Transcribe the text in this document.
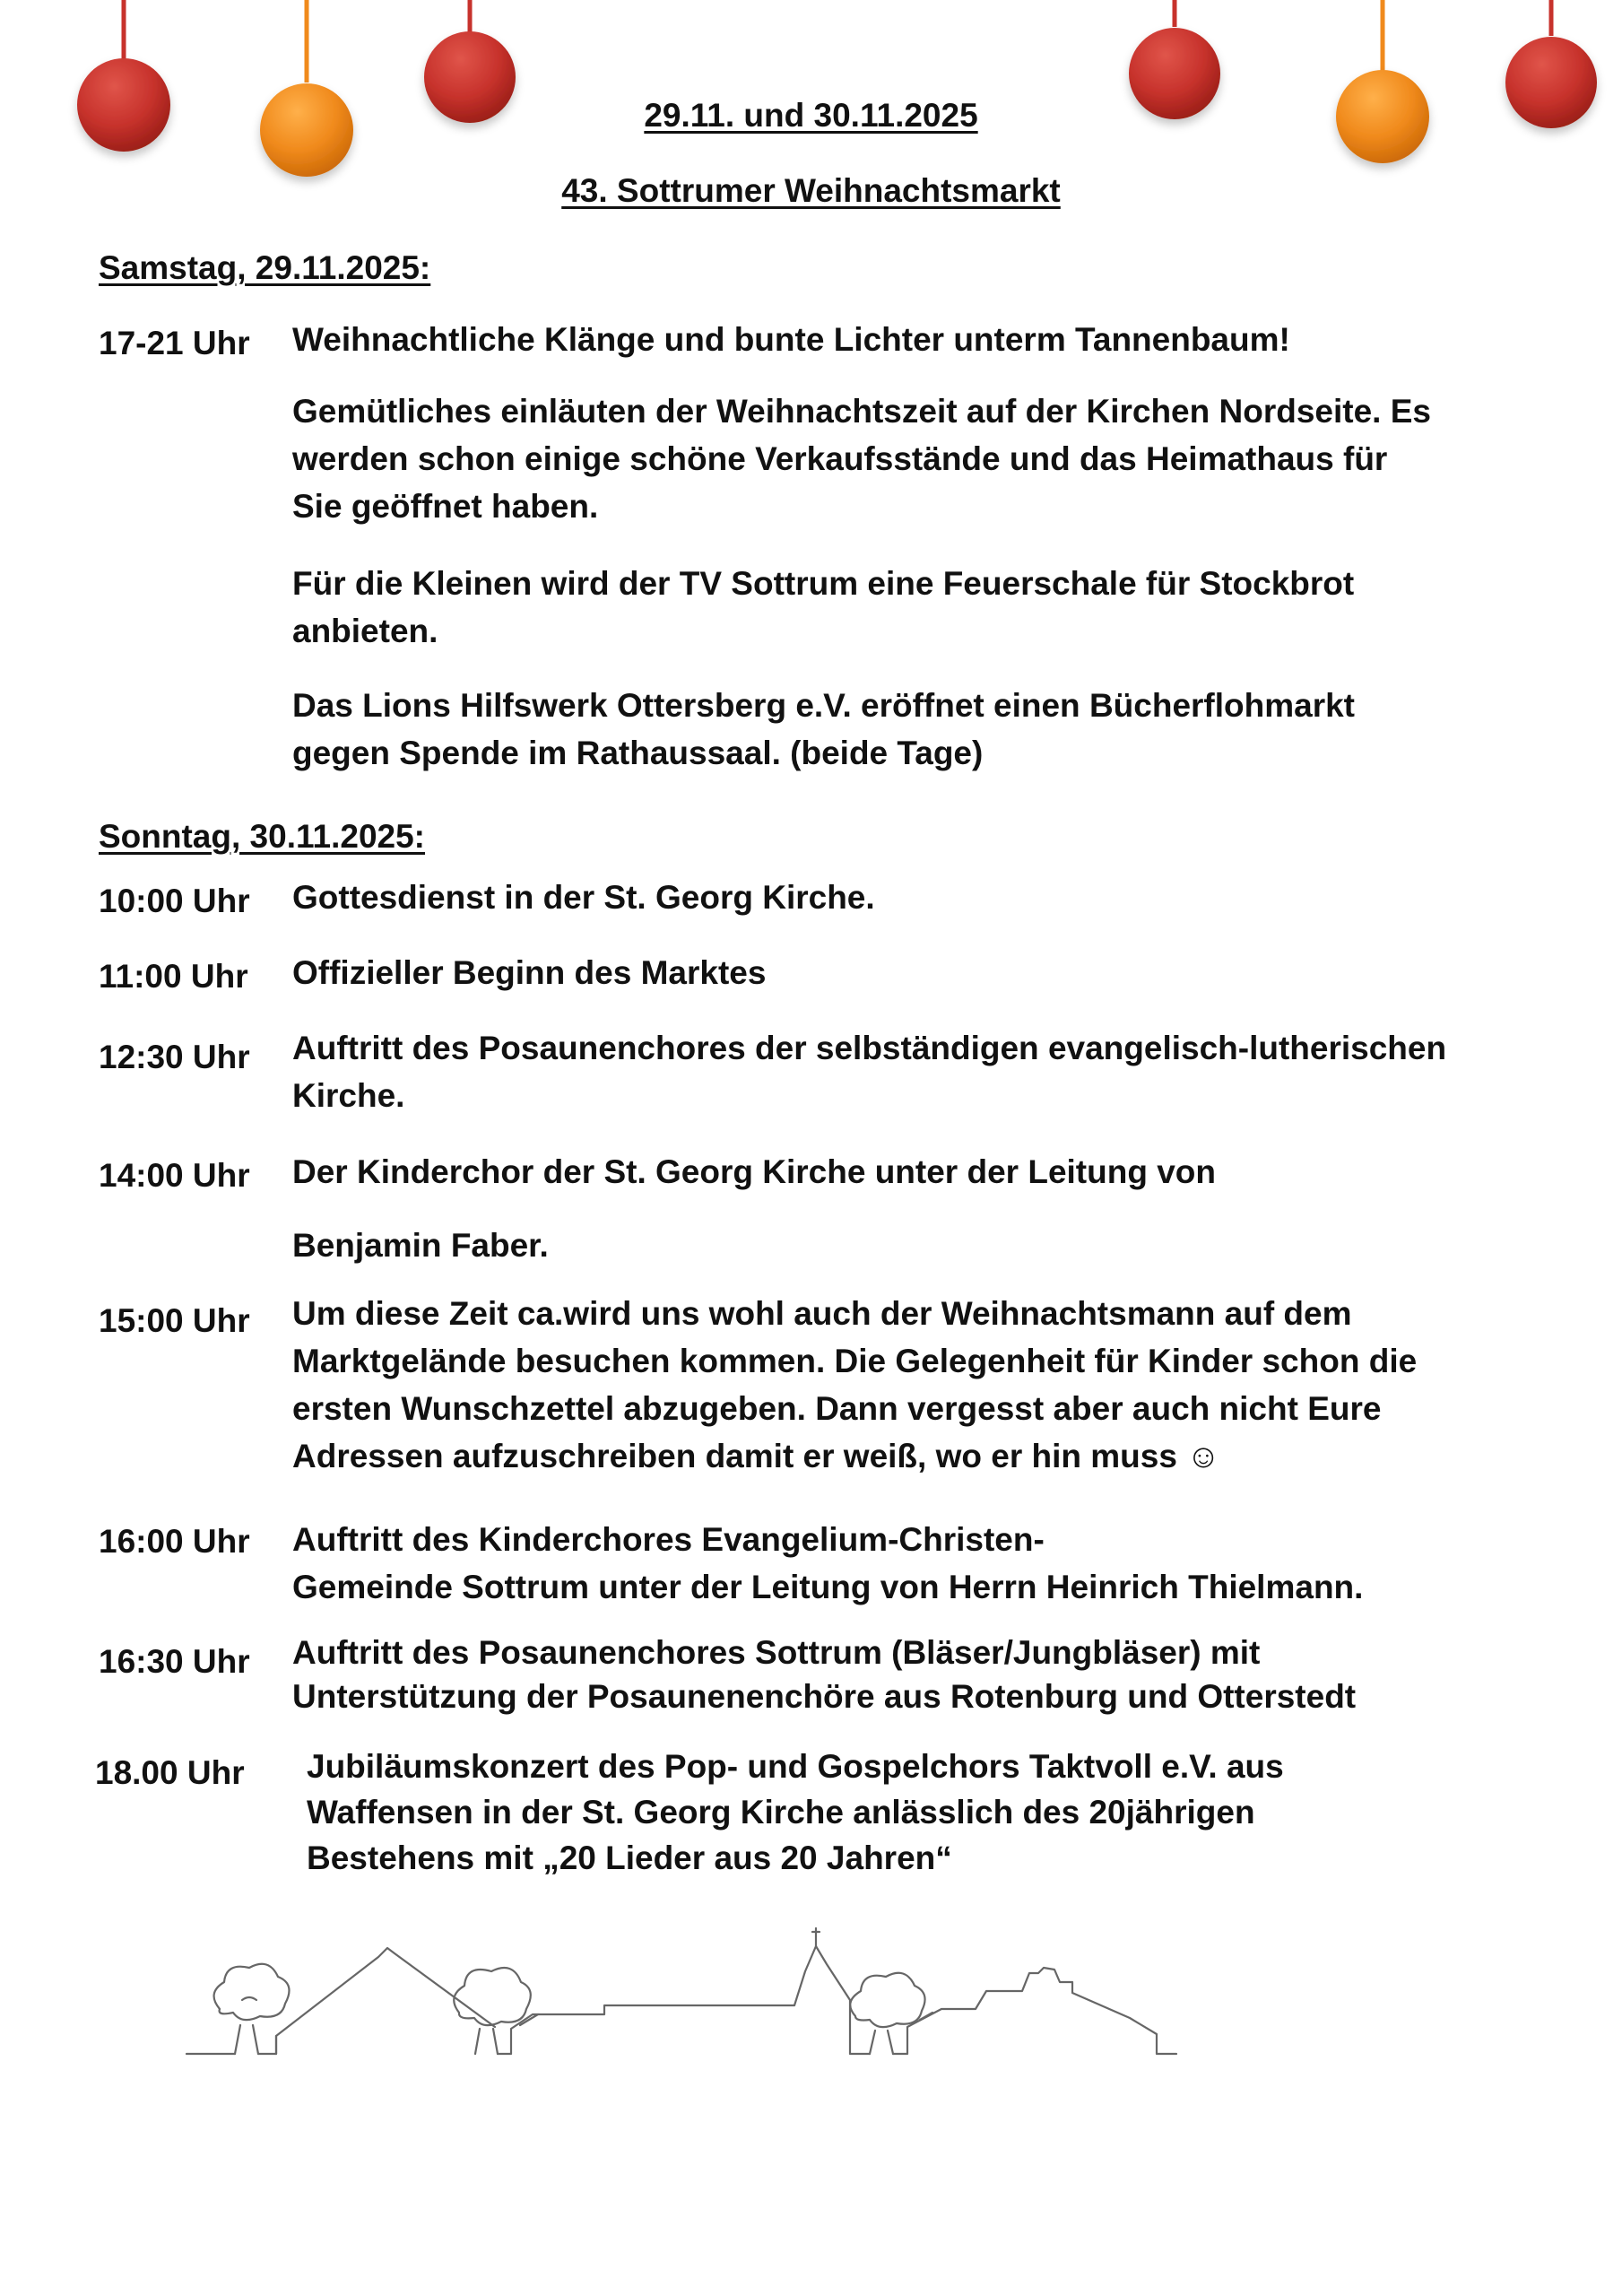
29.11. und 30.11.2025
43. Sottrumer Weihnachtsmarkt
Samstag, 29.11.2025:
17-21 Uhr Weihnachtliche Klänge und bunte Lichter unterm Tannenbaum!
Gemütliches einläuten der Weihnachtszeit auf der Kirchen Nordseite. Es
werden schon einige schöne Verkaufsstände und das Heimathaus für
Sie geöffnet haben.
Für die Kleinen wird der TV Sottrum eine Feuerschale für Stockbrot
anbieten.
Das Lions Hilfswerk Ottersberg e.V. eröffnet einen Bücherflohmarkt
gegen Spende im Rathaussaal. (beide Tage)
Sonntag, 30.11.2025:
10:00 Uhr Gottesdienst in der St. Georg Kirche.
11:00 Uhr Offizieller Beginn des Marktes
12:30 Uhr Auftritt des Posaunenchores der selbständigen evangelisch-lutherischen
Kirche.
14:00 Uhr Der Kinderchor der St. Georg Kirche unter der Leitung von
Benjamin Faber.
15:00 Uhr Um diese Zeit ca.wird uns wohl auch der Weihnachtsmann auf dem
Marktgelände besuchen kommen. Die Gelegenheit für Kinder schon die
ersten Wunschzettel abzugeben. Dann vergesst aber auch nicht Eure
Adressen aufzuschreiben damit er weiß, wo er hin muss ☺
16:00 Uhr Auftritt des Kinderchores Evangelium-Christen-
Gemeinde Sottrum unter der Leitung von Herrn Heinrich Thielmann.
16:30 Uhr Auftritt des Posaunenchores Sottrum (Bläser/Jungbläser) mit
Unterstützung der Posaunenenchöre aus Rotenburg und Otterstedt
18.00 Uhr Jubiläumskonzert des Pop- und Gospelchors Taktvoll e.V. aus
Waffensen in der St. Georg Kirche anlässlich des 20jährigen
Bestehens mit „20 Lieder aus 20 Jahren“
